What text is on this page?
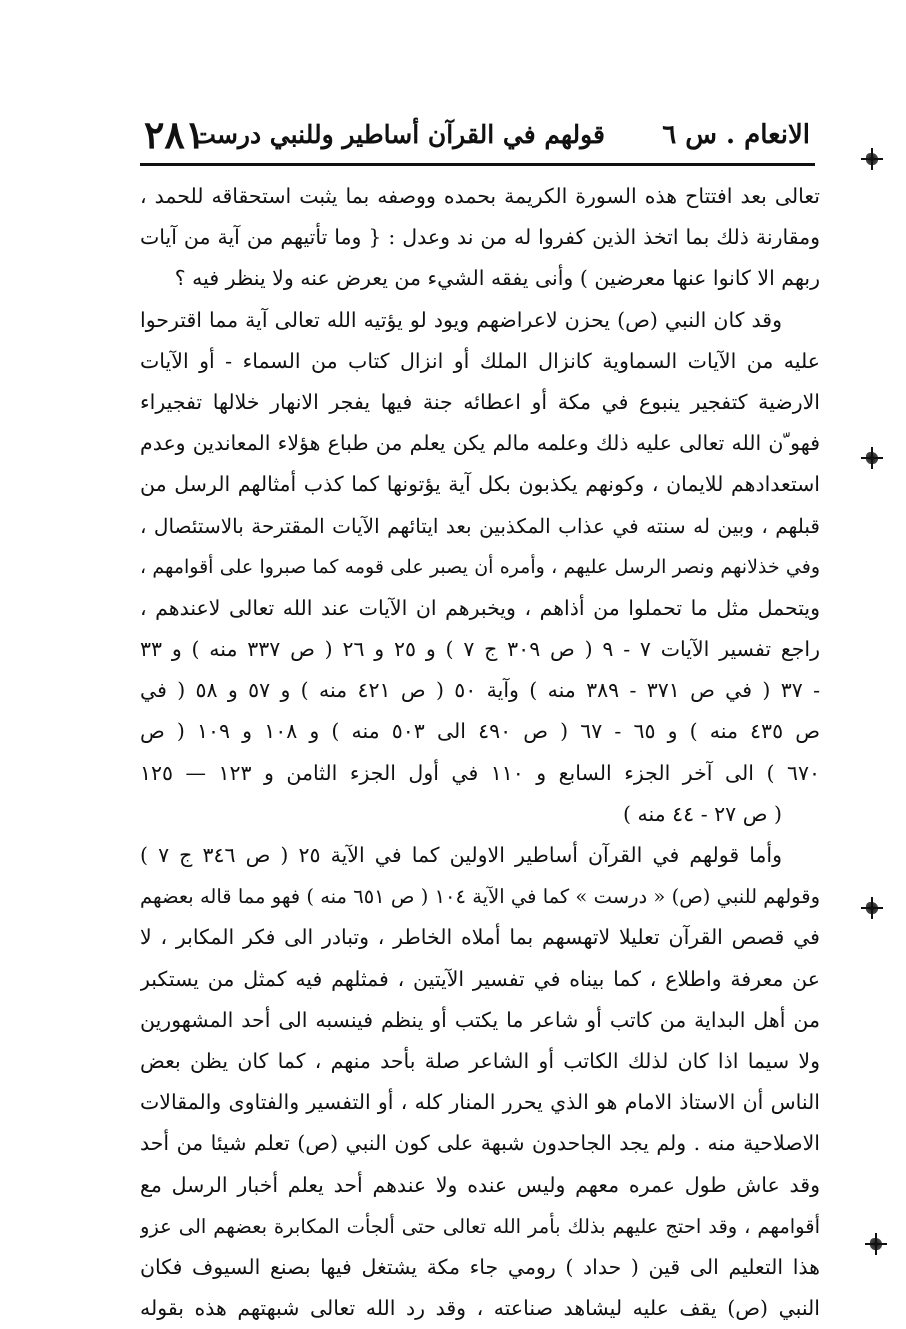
الانعام . س ٦
قولهم في القرآن أساطير وللنبي درست
٢٨١
تعالى بعد افتتاح هذه السورة الكريمة بحمده ووصفه بما يثبت استحقاقه للحمد ،
ومقارنة ذلك بما اتخذ الذين كفروا له من ند وعدل : { وما تأتيهم من آية من آيات
ربهم الا كانوا عنها معرضين ) وأنى يفقه الشيء من يعرض عنه ولا ينظر فيه ؟
وقد كان النبي (ص) يحزن لاعراضهم ويود لو يؤتيه الله تعالى آية مما اقترحوا
عليه من الآيات السماوية كانزال الملك أو انزال كتاب من السماء - أو الآيات
الارضية كتفجير ينبوع في مكة أو اعطائه جنة فيها يفجر الانهار خلالها تفجيراء
فهو ّن الله تعالى عليه ذلك وعلمه مالم يكن يعلم من طباع هؤلاء المعاندين وعدم
استعدادهم للايمان ، وكونهم يكذبون بكل آية يؤتونها كما كذب أمثالهم الرسل من
قبلهم ، وبين له سنته في عذاب المكذبين بعد ايتائهم الآيات المقترحة بالاستئصال ،
وفي خذلانهم ونصر الرسل عليهم ، وأمره أن يصبر على قومه كما صبروا على أقوامهم ،
ويتحمل مثل ما تحملوا من أذاهم ، ويخبرهم ان الآيات عند الله تعالى لاعندهم ،
راجع تفسير الآيات ٧ - ٩ ( ص ٣٠٩ ج ٧ ) و ٢٥ و ٢٦ ( ص ٣٣٧ منه ) و ٣٣
- ٣٧ ( في ص ٣٧١ - ٣٨٩ منه ) وآية ٥٠ ( ص ٤٢١ منه ) و ٥٧ و ٥٨ ( في
ص ٤٣٥ منه ) و ٦٥ - ٦٧ ( ص ٤٩٠ الى ٥٠٣ منه ) و ١٠٨ و ١٠٩ ( ص
٦٧٠ ) الى آخر الجزء السابع و ١١٠ في أول الجزء الثامن و ١٢٣ — ١٢٥
( ص ٢٧ - ٤٤ منه )
وأما قولهم في القرآن أساطير الاولين كما في الآية ٢٥ ( ص ٣٤٦ ج ٧ )
وقولهم للنبي (ص) « درست » كما في الآية ١٠٤ ( ص ٦٥١ منه ) فهو مما قاله بعضهم
في قصص القرآن تعليلا لاتهسهم بما أملاه الخاطر ، وتبادر الى فكر المكابر ، لا
عن معرفة واطلاع ، كما بيناه في تفسير الآيتين ، فمثلهم فيه كمثل من يستكبر
من أهل البداية من كاتب أو شاعر ما يكتب أو ينظم فينسبه الى أحد المشهورين
ولا سيما اذا كان لذلك الكاتب أو الشاعر صلة بأحد منهم ، كما كان يظن بعض
الناس أن الاستاذ الامام هو الذي يحرر المنار كله ، أو التفسير والفتاوى والمقالات
الاصلاحية منه . ولم يجد الجاحدون شبهة على كون النبي (ص) تعلم شيئا من أحد
وقد عاش طول عمره معهم وليس عنده ولا عندهم أحد يعلم أخبار الرسل مع
أقوامهم ، وقد احتج عليهم بذلك بأمر الله تعالى حتى ألجأت المكابرة بعضهم الى عزو
هذا التعليم الى قين ( حداد ) رومي جاء مكة يشتغل فيها بصنع السيوف فكان
النبي (ص) يقف عليه ليشاهد صناعته ، وقد رد الله تعالى شبهتهم هذه بقوله
